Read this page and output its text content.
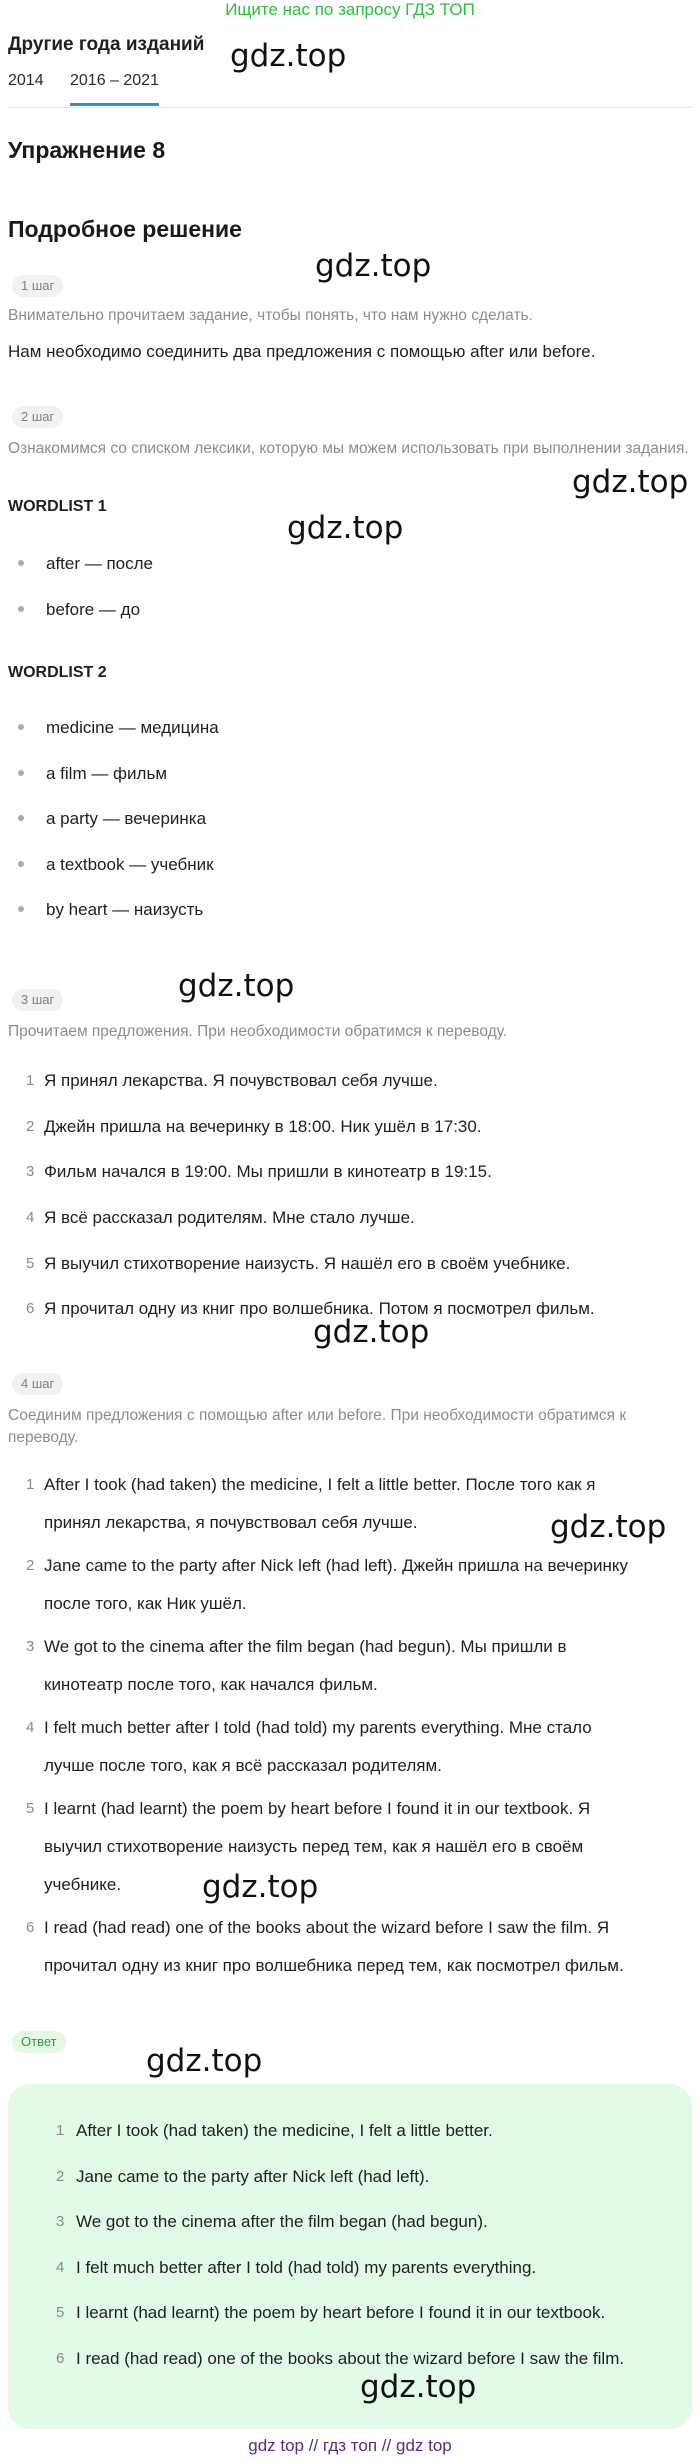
Ищите нас по запросу ГДЗ ТОП
Другие года изданий
2014 2016 – 2021
Упражнение 8
Подробное решение
1 шаг
Внимательно прочитаем задание, чтобы понять, что нам нужно сделать.
Нам необходимо соединить два предложения с помощью after или before.
2 шаг
Ознакомимся со списком лексики, которую мы можем использовать при выполнении задания.
WORDLIST 1
after — после
before — до
WORDLIST 2
medicine — медицина
a film — фильм
a party — вечеринка
a textbook — учебник
by heart — наизусть
3 шаг
Прочитаем предложения. При необходимости обратимся к переводу.
1 Я принял лекарства. Я почувствовал себя лучше.
2 Джейн пришла на вечеринку в 18:00. Ник ушёл в 17:30.
3 Фильм начался в 19:00. Мы пришли в кинотеатр в 19:15.
4 Я всё рассказал родителям. Мне стало лучше.
5 Я выучил стихотворение наизусть. Я нашёл его в своём учебнике.
6 Я прочитал одну из книг про волшебника. Потом я посмотрел фильм.
4 шаг
Соединим предложения с помощью after или before. При необходимости обратимся к переводу.
1 After I took (had taken) the medicine, I felt a little better. После того как я
принял лекарства, я почувствовал себя лучше.
2 Jane came to the party after Nick left (had left). Джейн пришла на вечеринку
после того, как Ник ушёл.
3 We got to the cinema after the film began (had begun). Мы пришли в
кинотеатр после того, как начался фильм.
4 I felt much better after I told (had told) my parents everything. Мне стало
лучше после того, как я всё рассказал родителям.
5 I learnt (had learnt) the poem by heart before I found it in our textbook. Я
выучил стихотворение наизусть перед тем, как я нашёл его в своём
учебнике.
6 I read (had read) one of the books about the wizard before I saw the film. Я
прочитал одну из книг про волшебника перед тем, как посмотрел фильм.
Ответ
1 After I took (had taken) the medicine, I felt a little better.
2 Jane came to the party after Nick left (had left).
3 We got to the cinema after the film began (had begun).
4 I felt much better after I told (had told) my parents everything.
5 I learnt (had learnt) the poem by heart before I found it in our textbook.
6 I read (had read) one of the books about the wizard before I saw the film.
gdz.top
gdz.top
gdz.top
gdz.top
gdz.top
gdz.top
gdz.top
gdz.top
gdz.top
gdz.top
gdz top // гдз топ // gdz top
